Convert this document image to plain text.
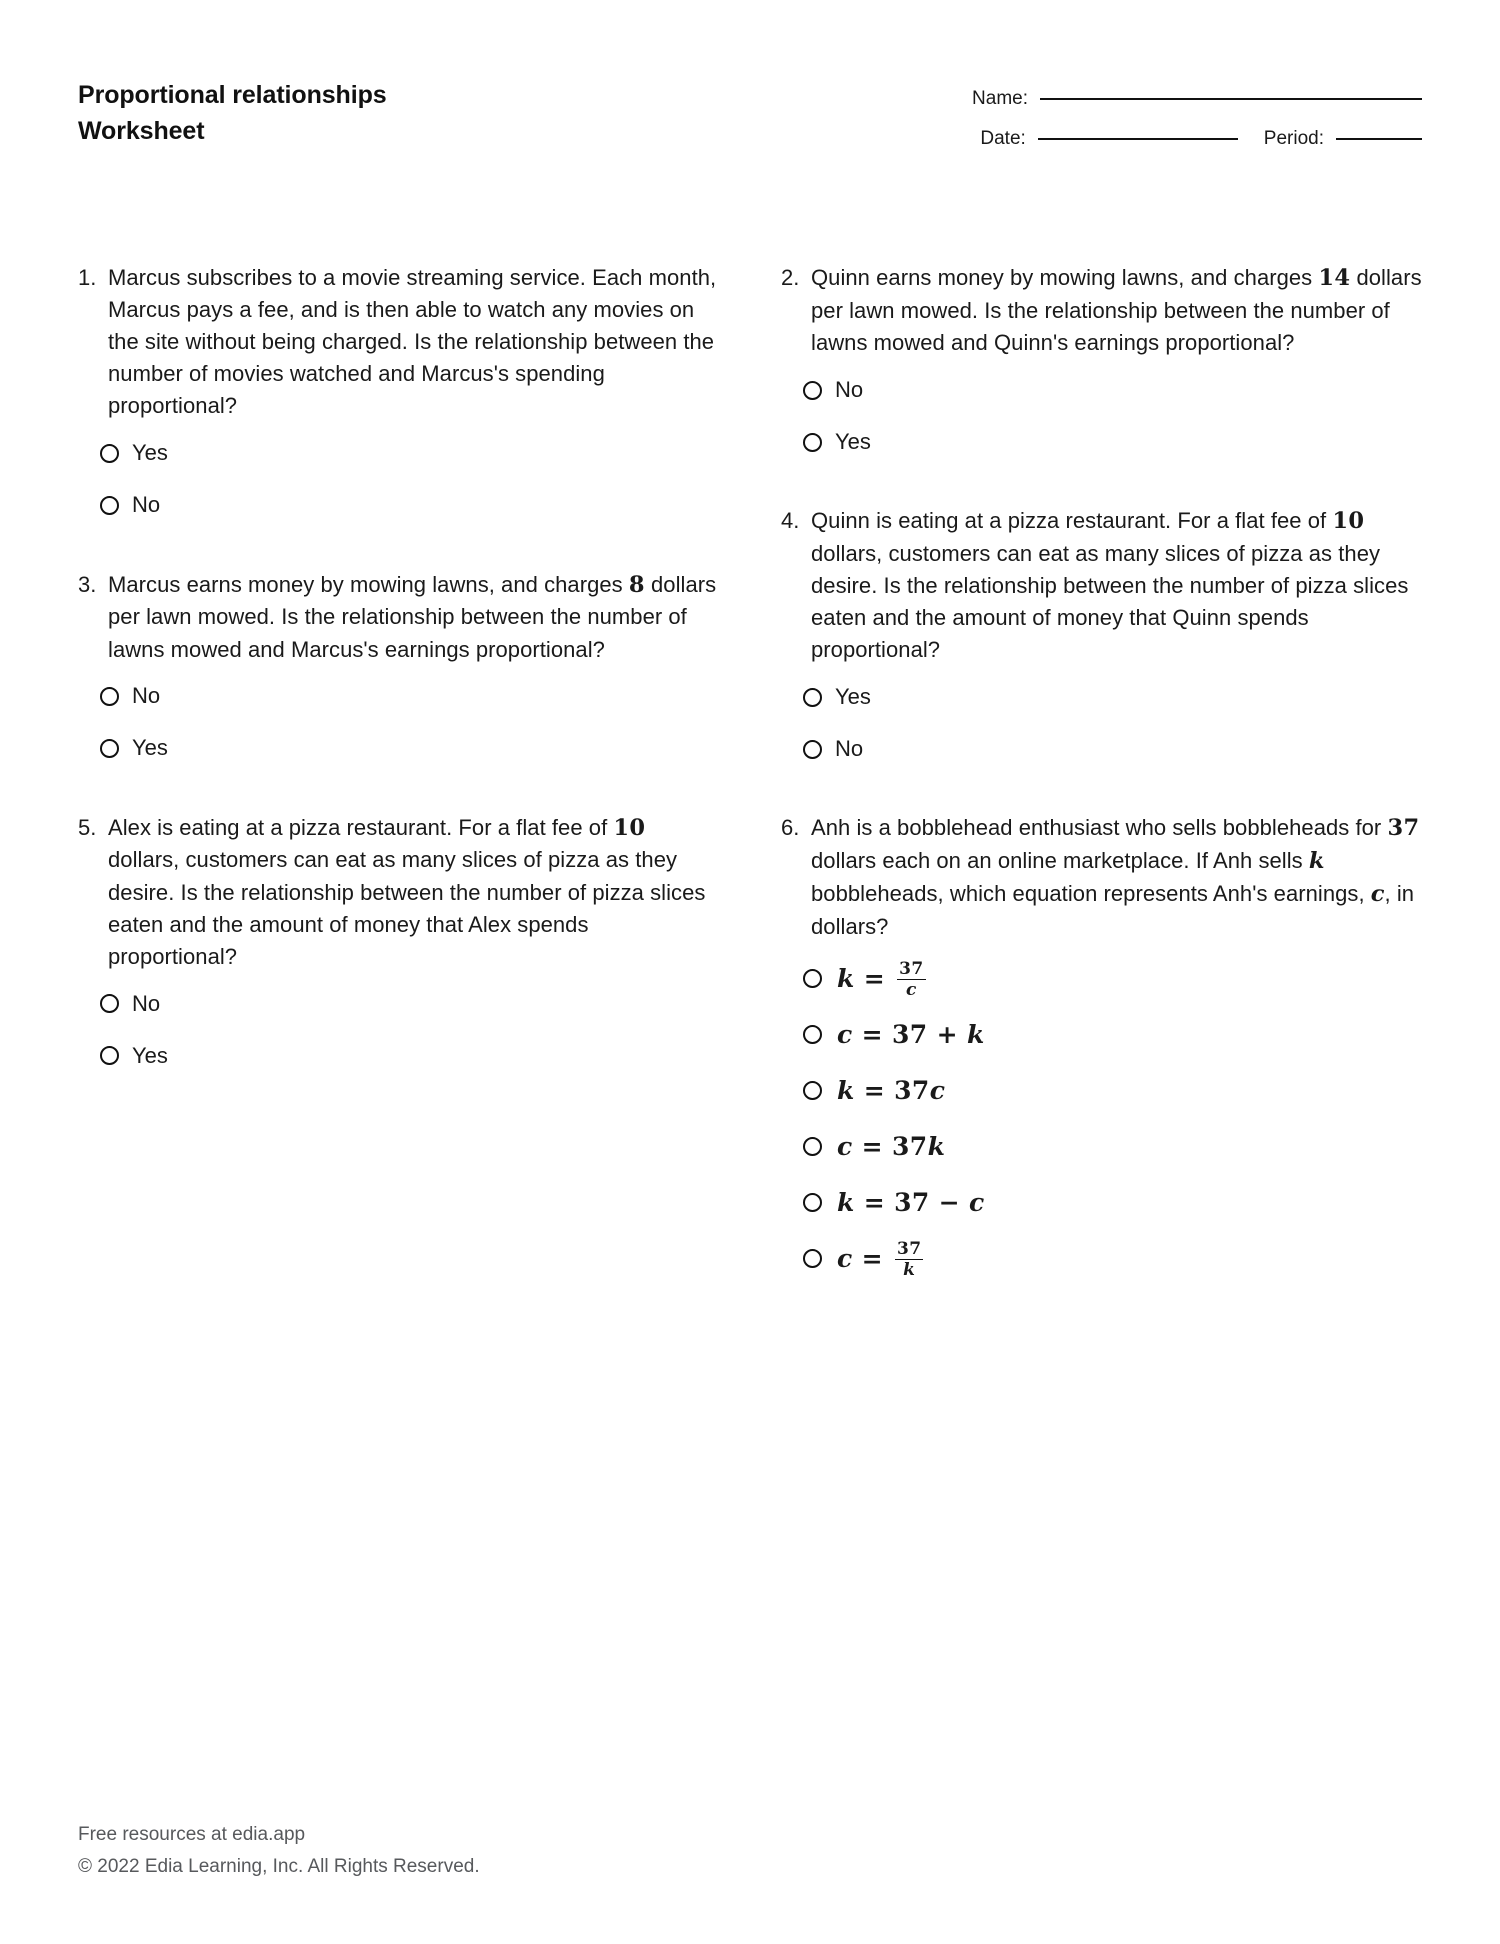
Proportional relationships
Worksheet
Name:
Date:	Period:
1. Marcus subscribes to a movie streaming service. Each month, Marcus pays a fee, and is then able to watch any movies on the site without being charged. Is the relationship between the number of movies watched and Marcus's spending proportional?
Yes
No
3. Marcus earns money by mowing lawns, and charges 8 dollars per lawn mowed. Is the relationship between the number of lawns mowed and Marcus's earnings proportional?
No
Yes
5. Alex is eating at a pizza restaurant. For a flat fee of 10 dollars, customers can eat as many slices of pizza as they desire. Is the relationship between the number of pizza slices eaten and the amount of money that Alex spends proportional?
No
Yes
2. Quinn earns money by mowing lawns, and charges 14 dollars per lawn mowed. Is the relationship between the number of lawns mowed and Quinn's earnings proportional?
No
Yes
4. Quinn is eating at a pizza restaurant. For a flat fee of 10 dollars, customers can eat as many slices of pizza as they desire. Is the relationship between the number of pizza slices eaten and the amount of money that Quinn spends proportional?
Yes
No
6. Anh is a bobblehead enthusiast who sells bobbleheads for 37 dollars each on an online marketplace. If Anh sells k bobbleheads, which equation represents Anh's earnings, c, in dollars?
$k = \frac{37}{c}$
c = 37 + k
k = 37 c
c = 37 k
k = 37 − c
$c = \frac{37}{k}$
Free resources at edia.app
© 2022 Edia Learning, Inc. All Rights Reserved.
